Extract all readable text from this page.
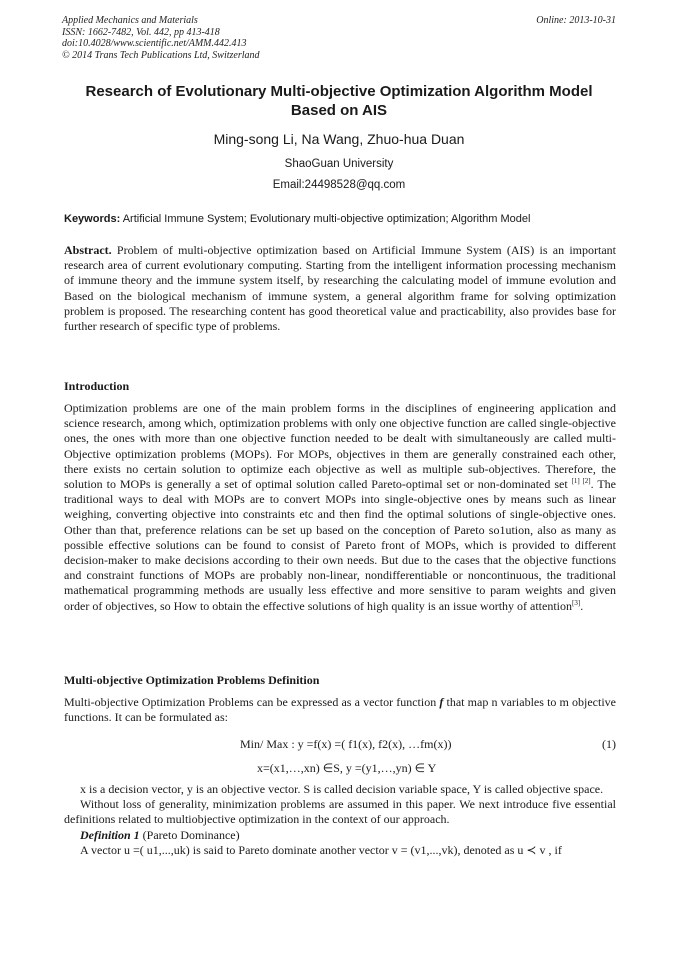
Applied Mechanics and Materials
ISSN: 1662-7482, Vol. 442, pp 413-418
doi:10.4028/www.scientific.net/AMM.442.413
© 2014 Trans Tech Publications Ltd, Switzerland
Online: 2013-10-31
Research of Evolutionary Multi-objective Optimization Algorithm Model Based on AIS
Ming-song Li, Na Wang, Zhuo-hua Duan
ShaoGuan University
Email:24498528@qq.com
Keywords: Artificial Immune System; Evolutionary multi-objective optimization; Algorithm Model
Abstract. Problem of multi-objective optimization based on Artificial Immune System (AIS) is an important research area of current evolutionary computing. Starting from the intelligent information processing mechanism of immune theory and the immune system itself, by researching the calculating model of immune evolution and Based on the biological mechanism of immune system, a general algorithm frame for solving optimization problem is proposed. The researching content has good theoretical value and practicability, also provides base for further research of specific type of problems.
Introduction
Optimization problems are one of the main problem forms in the disciplines of engineering application and science research, among which, optimization problems with only one objective function are called single-objective ones, the ones with more than one objective function needed to be dealt with simultaneously are called multi-Objective optimization problems (MOPs). For MOPs, objectives in them are generally constrained each other, there exists no certain solution to optimize each objective as well as multiple sub-objectives. Therefore, the solution to MOPs is generally a set of optimal solution called Pareto-optimal set or non-dominated set [1] [2]. The traditional ways to deal with MOPs are to convert MOPs into single-objective ones by means such as linear weighing, converting objective into constraints etc and then find the optimal solutions of single-objective ones. Other than that, preference relations can be set up based on the conception of Pareto so1ution, also as many as possible effective solutions can be found to consist of Pareto front of MOPs, which is provided to different decision-maker to make decisions according to their own needs. But due to the cases that the objective functions and constraint functions of MOPs are probably non-linear, nondifferentiable or noncontinuous, the traditional mathematical programming methods are usually less effective and more sensitive to param weights and given order of objectives, so How to obtain the effective solutions of high quality is an issue worthy of attention[3].
Multi-objective Optimization Problems Definition
Multi-objective Optimization Problems can be expressed as a vector function f that map n variables to m objective functions. It can be formulated as:
Min/ Max : y =f(x) =( f1(x), f2(x), …fm(x))	(1)
x=(x1,…,xn) ∈S, y =(y1,…,yn) ∈ Y
x is a decision vector, y is an objective vector. S is called decision variable space, Y is called objective space.
Without loss of generality, minimization problems are assumed in this paper. We next introduce five essential definitions related to multiobjective optimization in the context of our approach.
Definition 1 (Pareto Dominance)
A vector u =( u1,...,uk) is said to Pareto dominate another vector v = (v1,...,vk), denoted as u ≺ v , if
